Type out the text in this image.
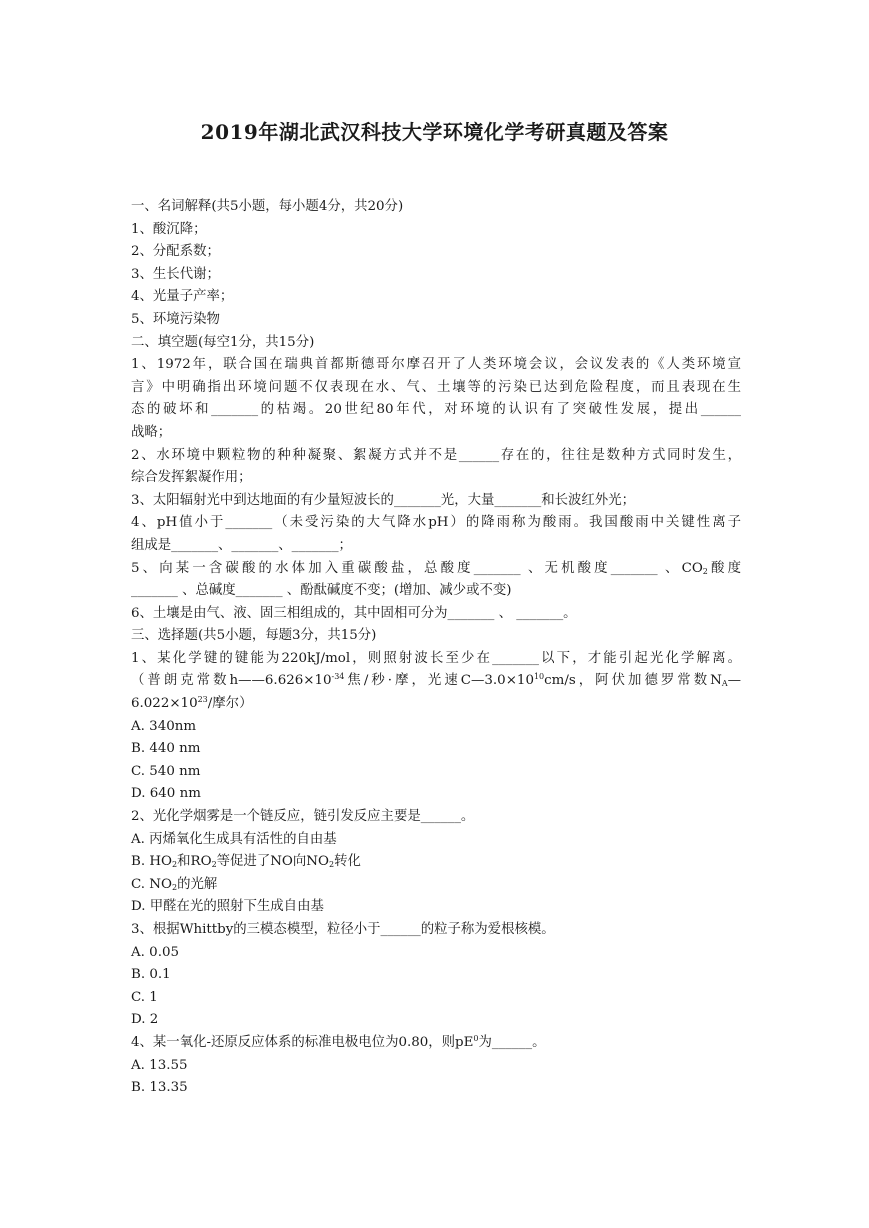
2019年湖北武汉科技大学环境化学考研真题及答案
一、名词解释(共5小题，每小题4分，共20分)
1、酸沉降；
2、分配系数；
3、生长代谢；
4、光量子产率；
5、环境污染物
二、填空题(每空1分，共15分)
1、1972年，联合国在瑞典首都斯德哥尔摩召开了人类环境会议，会议发表的《人类环境宣
言》中明确指出环境问题不仅表现在水、气、土壤等的污染已达到危险程度，而且表现在生
态的破坏和_______的枯竭。20世纪80年代，对环境的认识有了突破性发展，提出______
战略；
2、水环境中颗粒物的种种凝聚、絮凝方式并不是______存在的，往往是数种方式同时发生，
综合发挥絮凝作用；
3、太阳辐射光中到达地面的有少量短波长的_______光，大量_______和长波红外光；
4、pH值小于_______（未受污染的大气降水pH）的降雨称为酸雨。我国酸雨中关键性离子
组成是_______、_______、_______；
5、向某一含碳酸的水体加入重碳酸盐，总酸度_______ 、无机酸度_______ 、$CO_2$酸度
_______ 、总碱度_______ 、酚酞碱度不变；(增加、减少或不变)
6、土壤是由气、液、固三相组成的，其中固相可分为_______ 、 _______。
三、选择题(共5小题，每题3分，共15分)
1、某化学键的键能为220kJ/mol，则照射波长至少在_______以下，才能引起光化学解离。
（普朗克常数$h——6.626\times 10^{-34}$焦/秒·摩，光速$C—3.0\times 10^{10}cm/s$，阿伏加德罗常数$N_A—$
$6.022\times 10^{23}/$摩尔）
A. 340nm
B. 440 nm
C. 540 nm
D. 640 nm
2、光化学烟雾是一个链反应，链引发反应主要是______。
A. 丙烯氧化生成具有活性的自由基
B. $HO_2$和$RO_2$等促进了NO向$NO_2$转化
C. $NO_2$的光解
D. 甲醛在光的照射下生成自由基
3、根据Whittby的三模态模型，粒径小于______的粒子称为爱根核模。
A. 0.05
B. 0.1
C. 1
D. 2
4、某一氧化-还原反应体系的标准电极电位为0.80，则$pE^0$为______。
A. 13.55
B. 13.35
